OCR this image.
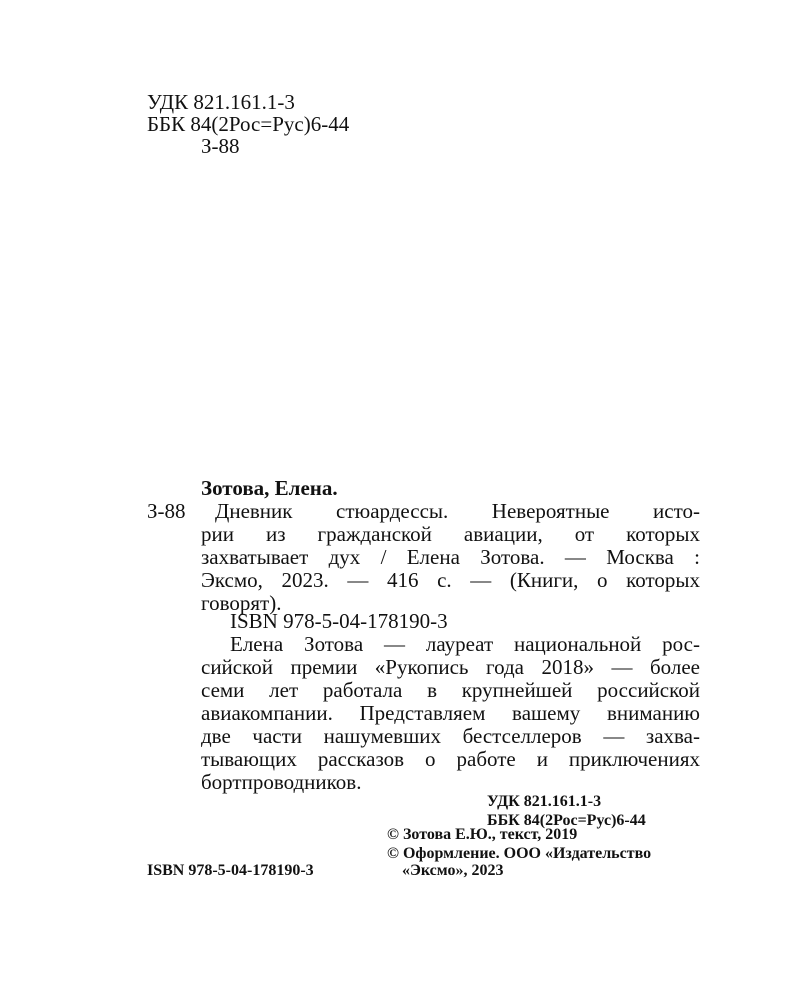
УДК 821.161.1-3
ББК 84(2Рос=Рус)6-44
З-88
Зотова, Елена.
З-88 Дневник стюардессы. Невероятные исто-
рии из гражданской авиации, от которых
захватывает дух / Елена Зотова. — Москва :
Эксмо, 2023. — 416 с. — (Книги, о которых
говорят).
ISBN 978-5-04-178190-3
Елена Зотова — лауреат национальной рос-
сийской премии «Рукопись года 2018» — более
семи лет работала в крупнейшей российской
авиакомпании. Представляем вашему вниманию
две части нашумевших бестселлеров — захва-
тывающих рассказов о работе и приключениях
бортпроводников.
УДК 821.161.1-3
ББК 84(2Рос=Рус)6-44
© Зотова Е.Ю., текст, 2019
© Оформление. ООО «Издательство
ISBN 978-5-04-178190-3	«Эксмо», 2023
